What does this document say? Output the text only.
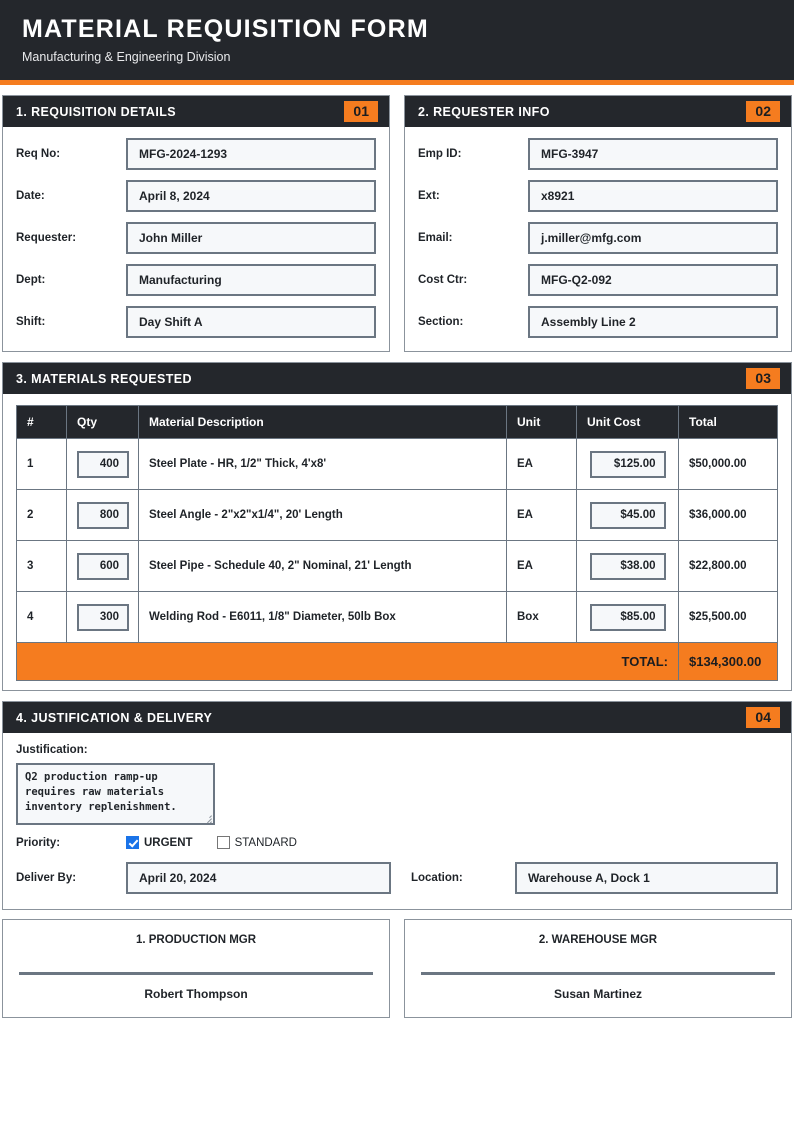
MATERIAL REQUISITION FORM
Manufacturing & Engineering Division
1. REQUISITION DETAILS	01
Req No:	MFG-2024-1293
Date:	April 8, 2024
Requester:	John Miller
Dept:	Manufacturing
Shift:	Day Shift A
2. REQUESTER INFO	02
Emp ID:	MFG-3947
Ext:	x8921
Email:	j.miller@mfg.com
Cost Ctr:	MFG-Q2-092
Section:	Assembly Line 2
3. MATERIALS REQUESTED	03
#	Qty	Material Description	Unit	Unit Cost	Total
1	400	Steel Plate - HR, 1/2" Thick, 4'x8'	EA	$125.00	$50,000.00
2	800	Steel Angle - 2"x2"x1/4", 20' Length	EA	$45.00	$36,000.00
3	600	Steel Pipe - Schedule 40, 2" Nominal, 21' Length	EA	$38.00	$22,800.00
4	300	Welding Rod - E6011, 1/8" Diameter, 50lb Box	Box	$85.00	$25,500.00
TOTAL:					$134,300.00
4. JUSTIFICATION & DELIVERY	04
Justification:
Q2 production ramp-up requires raw materials inventory replenishment.
Priority:	URGENT	STANDARD
Deliver By:	April 20, 2024	Location:	Warehouse A, Dock 1
1. PRODUCTION MGR
Robert Thompson
2. WAREHOUSE MGR
Susan Martinez
